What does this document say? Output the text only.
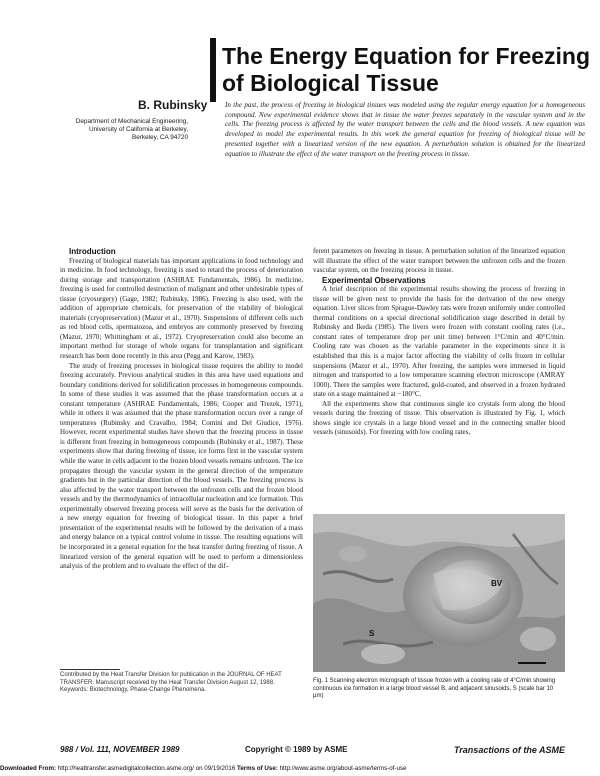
The Energy Equation for Freezing
of Biological Tissue
B. Rubinsky
Department of Mechanical Engineering,
University of California at Berkeley,
Berkeley, CA 94720
In the past, the process of freezing in biological tissues was modeled using the regular energy equation for a homogeneous compound. New experimental evidence shows that in tissue the water freezes separately in the vascular system and in the cells. The freezing process is affected by the water transport between the cells and the blood vessels. A new equation was developed to model the experimental results. In this work the general equation for freezing of biological tissue will be presented together with a linearized version of the new equation. A perturbation solution is obtained for the linearized equation to illustrate the effect of the water transport on the freezing process in tissue.

Introduction

Freezing of biological materials has important applications in food technology and in medicine. In food technology, freezing is used to retard the process of deterioration during storage and transportation (ASHRAE Fundamentals, 1986). In medicine, freezing is used for controlled destruction of malignant and other undesirable types of tissue (cryosurgery) (Gage, 1982; Rubinsky, 1986). Freezing is also used, with the addition of appropriate chemicals, for preservation of the viability of biological materials (cryopreservation) (Mazur et al., 1970). Suspensions of different cells such as red blood cells, spermatozoa, and embryos are commonly preserved by freezing (Mazur, 1970; Whittingham et al., 1972). Cryopreservation could also become an important method for storage of whole organs for transplantation and significant research has been done recently in this area (Pegg and Karow, 1983).

The study of freezing processes in biological tissue requires the ability to model freezing accurately. Previous analytical studies in this area have used equations and boundary conditions derived for solidification processes in homogeneous compounds. In some of these studies it was assumed that the phase transformation occurs at a constant temperature (ASHRAE Fundamentals, 1986; Cooper and Trezek, 1971), while in others it was assumed that the phase transformation occurs over a range of temperatures (Rubinsky and Cravalho, 1984; Comini and Del Giudice, 1976). However, recent experimental studies have shown that the freezing process in tissue is different from freezing in homogeneous compounds (Rubinsky et al., 1987). These experiments show that during freezing of tissue, ice forms first in the vascular system while the water in cells adjacent to the frozen blood vessels remains unfrozen. The ice propagates through the vascular system in the general direction of the temperature gradients but in the particular direction of the blood vessels. The freezing process is also affected by the water transport between the unfrozen cells and the frozen blood vessels and by the thermodynamics of intracellular nucleation and ice formation. This experimentally observed freezing process will serve as the basis for the derivation of a new energy equation for freezing of biological tissue. In this paper a brief presentation of the experimental results will be followed by the derivation of a mass and energy balance on a typical control volume in tissue. The resulting equations will be incorporated in a general equation for the heat transfer during freezing of tissue. A linearized version of the general equation will be used to perform a dimensionless analysis of the problem and to evaluate the effect of the dif-

ferent parameters on freezing in tissue. A perturbation solution of the linearized equation will illustrate the effect of the water transport between the unfrozen cells and the frozen vascular system, on the freezing process in tissue.

Experimental Observations

A brief description of the experimental results showing the process of freezing in tissue will be given next to provide the basis for the derivation of the new energy equation. Liver slices from Sprague-Dawley rats were frozen uniformly under controlled thermal conditions on a special directional solidification stage described in detail by Rubinsky and Ikeda (1985). The livers were frozen with constant cooling rates (i.e., constant rates of temperature drop per unit time) between 1°C/min and 40°C/min. Cooling rate was chosen as the variable parameter in the experiments since it is established that this is a major factor affecting the viability of cells frozen in cellular suspensions (Mazur et al., 1970). After freezing, the samples were immersed in liquid nitrogen and transported to a low temperature scanning electron microscope (AMRAY 1000). There the samples were fractured, gold-coated, and observed in a frozen hydrated state on a stage maintained at −180°C.

All the experiments show that continuous single ice crystals form along the blood vessels during the freezing of tissue. This observation is illustrated by Fig. 1, which shows single ice crystals in a large blood vessel and in the connecting smaller blood vessels (sinusoids). For freezing with low cooling rates,

BV
S
Fig. 1 Scanning electron micrograph of tissue frozen with a cooling rate of 4°C/min showing continuous ice formation in a large blood vessel B, and adjacent sinusoids, S (scale bar 10 μm)
Contributed by the Heat Transfer Division for publication in the JOURNAL OF HEAT TRANSFER. Manuscript received by the Heat Transfer Division August 12, 1988. Keywords: Biotechnology, Phase-Change Phenomena.
988 / Vol. 111, NOVEMBER 1989	Copyright © 1989 by ASME	Transactions of the ASME
Downloaded From: http://heattransfer.asmedigitalcollection.asme.org/ on 09/19/2016 Terms of Use: http://www.asme.org/about-asme/terms-of-use
